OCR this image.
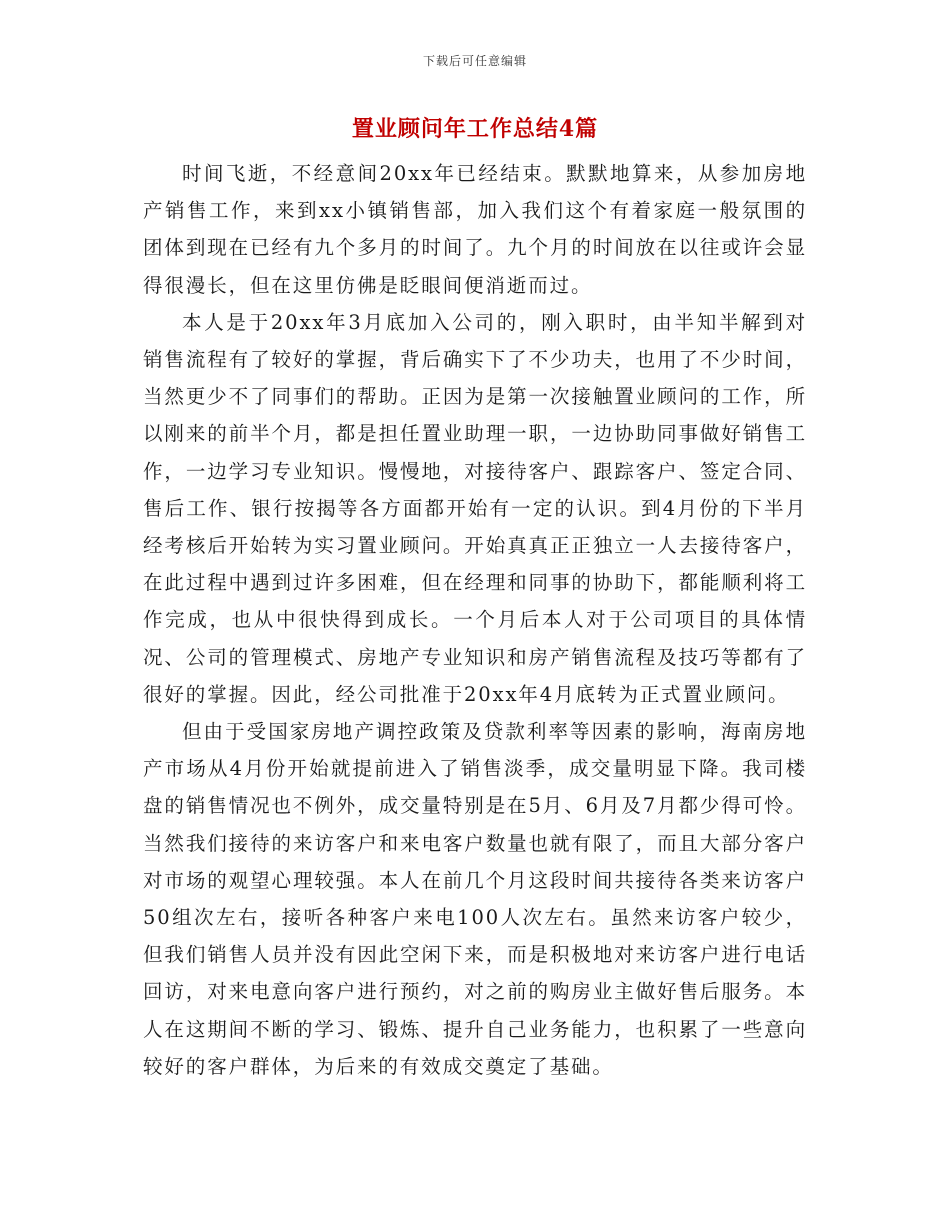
下载后可任意编辑
置业顾问年工作总结4篇

时间飞逝，不经意间20xx年已经结束。默默地算来，从参加房地产销售工作，来到xx小镇销售部，加入我们这个有着家庭一般氛围的团体到现在已经有九个多月的时间了。九个月的时间放在以往或许会显得很漫长，但在这里仿佛是眨眼间便消逝而过。

本人是于20xx年3月底加入公司的，刚入职时，由半知半解到对销售流程有了较好的掌握，背后确实下了不少功夫，也用了不少时间，当然更少不了同事们的帮助。正因为是第一次接触置业顾问的工作，所以刚来的前半个月，都是担任置业助理一职，一边协助同事做好销售工作，一边学习专业知识。慢慢地，对接待客户、跟踪客户、签定合同、售后工作、银行按揭等各方面都开始有一定的认识。到4月份的下半月经考核后开始转为实习置业顾问。开始真真正正独立一人去接待客户，在此过程中遇到过许多困难，但在经理和同事的协助下，都能顺利将工作完成，也从中很快得到成长。一个月后本人对于公司项目的具体情况、公司的管理模式、房地产专业知识和房产销售流程及技巧等都有了很好的掌握。因此，经公司批准于20xx年4月底转为正式置业顾问。

但由于受国家房地产调控政策及贷款利率等因素的影响，海南房地产市场从4月份开始就提前进入了销售淡季，成交量明显下降。我司楼盘的销售情况也不例外，成交量特别是在5月、6月及7月都少得可怜。当然我们接待的来访客户和来电客户数量也就有限了，而且大部分客户对市场的观望心理较强。本人在前几个月这段时间共接待各类来访客户50组次左右，接听各种客户来电100人次左右。虽然来访客户较少，但我们销售人员并没有因此空闲下来，而是积极地对来访客户进行电话回访，对来电意向客户进行预约，对之前的购房业主做好售后服务。本人在这期间不断的学习、锻炼、提升自己业务能力，也积累了一些意向较好的客户群体，为后来的有效成交奠定了基础。
